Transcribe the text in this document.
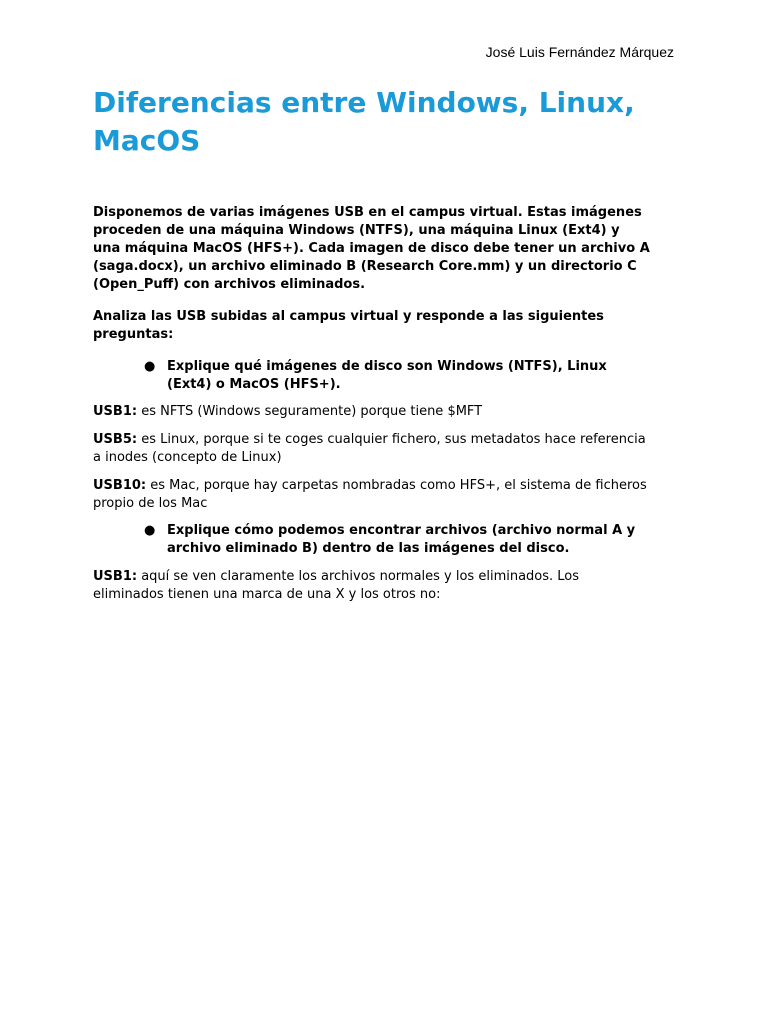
José Luis Fernández Márquez
Diferencias entre Windows, Linux,
MacOS

Disponemos de varias imágenes USB en el campus virtual. Estas imágenes
proceden de una máquina Windows (NTFS), una máquina Linux (Ext4) y
una máquina MacOS (HFS+). Cada imagen de disco debe tener un archivo A
(saga.docx), un archivo eliminado B (Research Core.mm) y un directorio C
(Open_Puff) con archivos eliminados.

Analiza las USB subidas al campus virtual y responde a las siguientes
preguntas:

● Explique qué imágenes de disco son Windows (NTFS), Linux
(Ext4) o MacOS (HFS+).

USB1: es NFTS (Windows seguramente) porque tiene $MFT

USB5: es Linux, porque si te coges cualquier fichero, sus metadatos hace referencia
a inodes (concepto de Linux)

USB10: es Mac, porque hay carpetas nombradas como HFS+, el sistema de ficheros
propio de los Mac

● Explique cómo podemos encontrar archivos (archivo normal A y
archivo eliminado B) dentro de las imágenes del disco.

USB1: aquí se ven claramente los archivos normales y los eliminados. Los
eliminados tienen una marca de una X y los otros no:
